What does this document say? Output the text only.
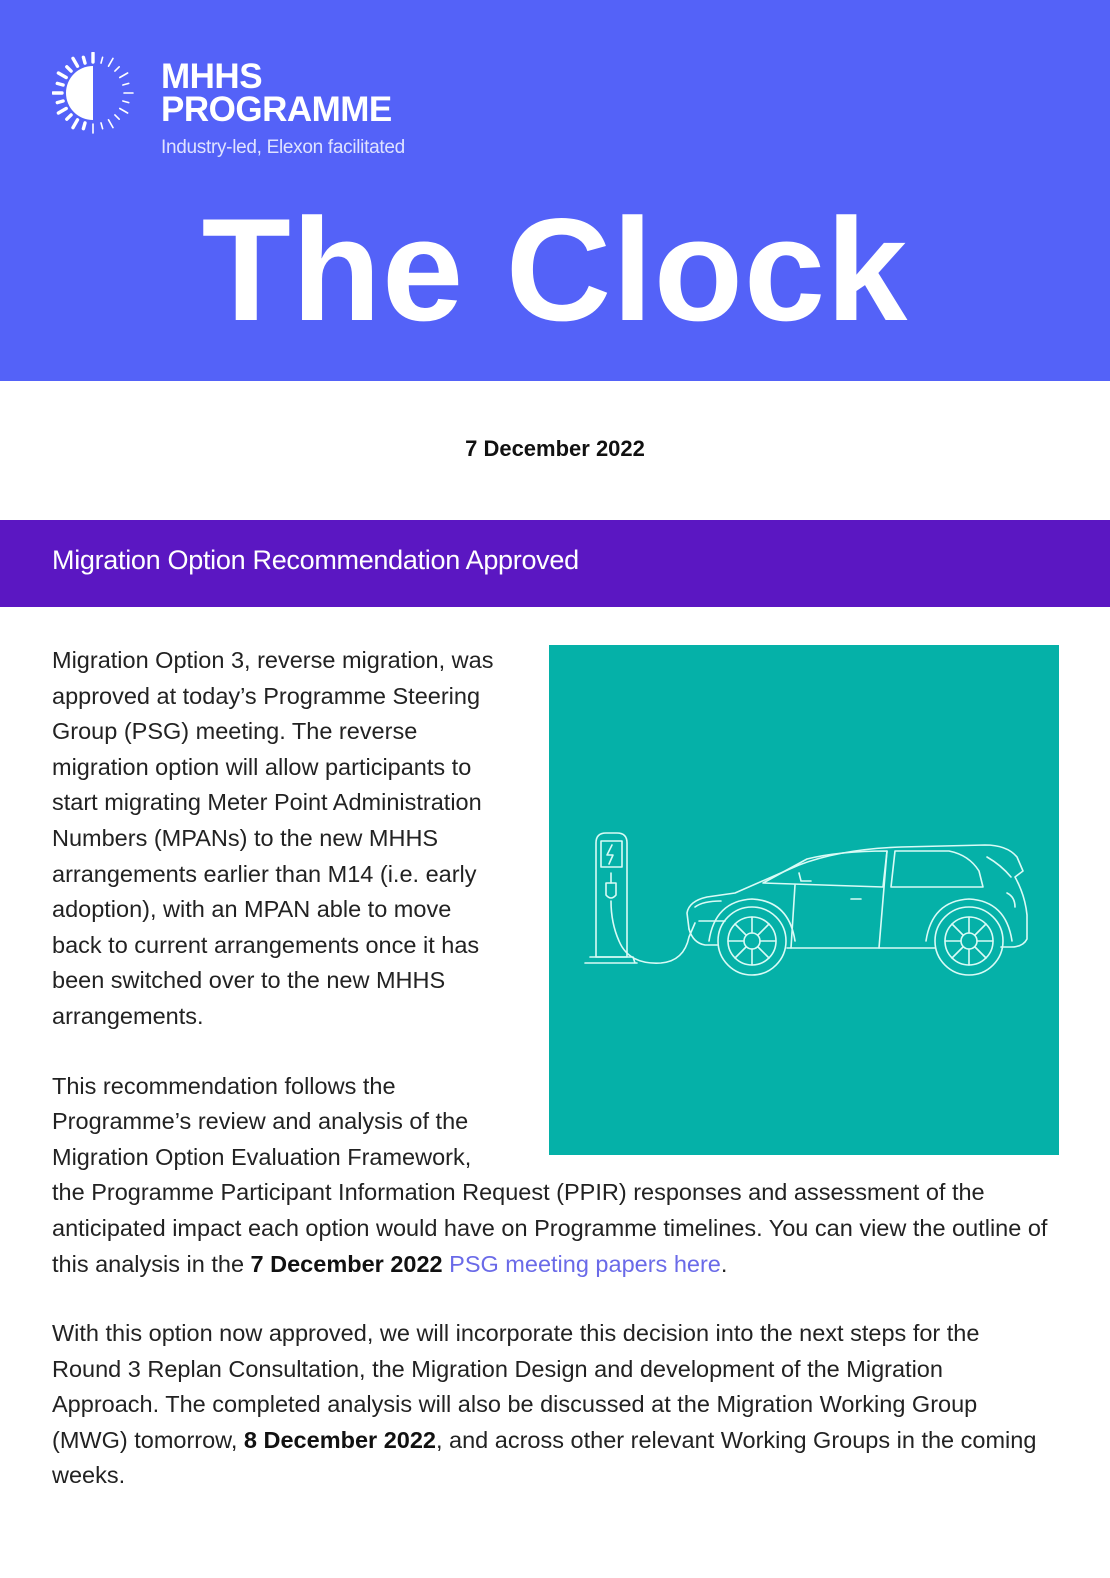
MHHS
PROGRAMME
Industry-led, Elexon facilitated
The Clock
7 December 2022
Migration Option Recommendation Approved

Migration Option 3, reverse migration, was approved at today’s Programme Steering Group (PSG) meeting. The reverse migration option will allow participants to start migrating Meter Point Administration Numbers (MPANs) to the new MHHS arrangements earlier than M14 (i.e. early adoption), with an MPAN able to move back to current arrangements once it has been switched over to the new MHHS arrangements.

This recommendation follows the Programme’s review and analysis of the Migration Option Evaluation Framework, the Programme Participant Information Request (PPIR) responses and assessment of the anticipated impact each option would have on Programme timelines. You can view the outline of this analysis in the 7 December 2022 PSG meeting papers here.

With this option now approved, we will incorporate this decision into the next steps for the Round 3 Replan Consultation, the Migration Design and development of the Migration Approach. The completed analysis will also be discussed at the Migration Working Group (MWG) tomorrow, 8 December 2022, and across other relevant Working Groups in the coming weeks.
